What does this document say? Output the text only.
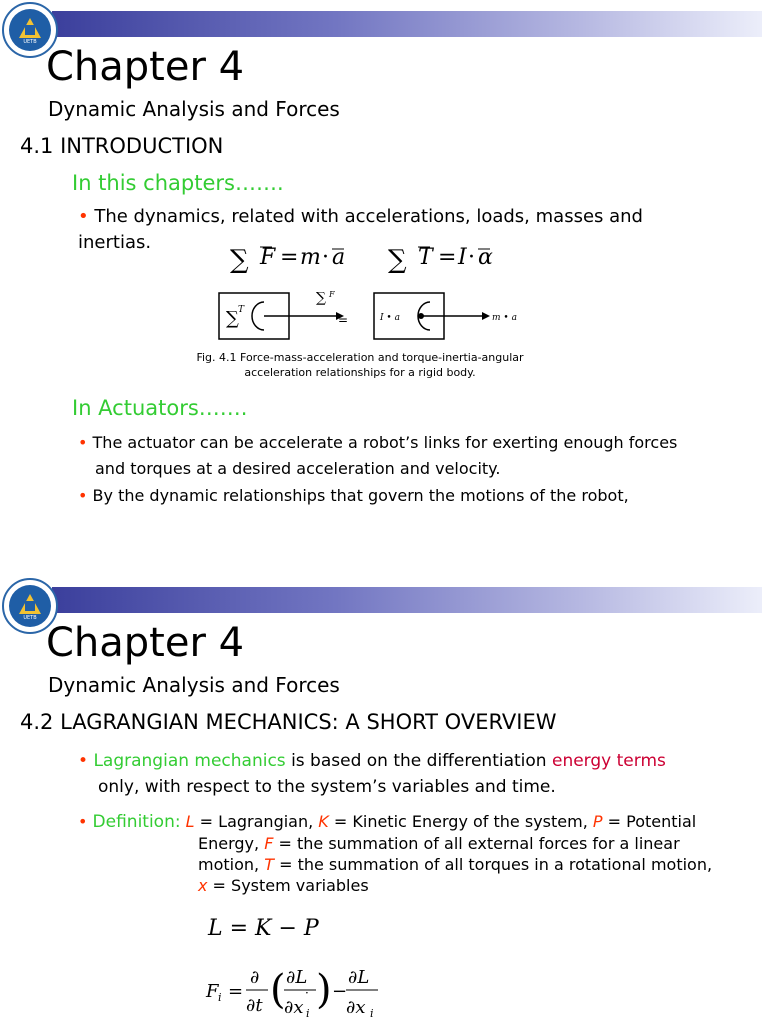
UETB
Chapter 4
Dynamic Analysis and Forces
4.1 INTRODUCTION
In this chapters…….
• The dynamics, related with accelerations, loads, masses and inertias.
∑ F = m · a ∑ T = I · α
∑ T
∑ F
=	I • a	m • a
Fig. 4.1 Force-mass-acceleration and torque-inertia-angular
acceleration relationships for a rigid body.
In Actuators…….
• The actuator can be accelerate a robot’s links for exerting enough forces
and torques at a desired acceleration and velocity.
• By the dynamic relationships that govern the motions of the robot,
UETB
Chapter 4
Dynamic Analysis and Forces
4.2 LAGRANGIAN MECHANICS: A SHORT OVERVIEW
• Lagrangian mechanics is based on the differentiation energy terms
only, with respect to the system’s variables and time.
• Definition: L = Lagrangian, K = Kinetic Energy of the system, P = Potential
Energy, F = the summation of all external forces for a linear
motion, T = the summation of all torques in a rotational motion,
x = System variables
L = K − P
F i =
∂
∂t ( ∂L
∂x i
· ) −
∂L
∂x i
